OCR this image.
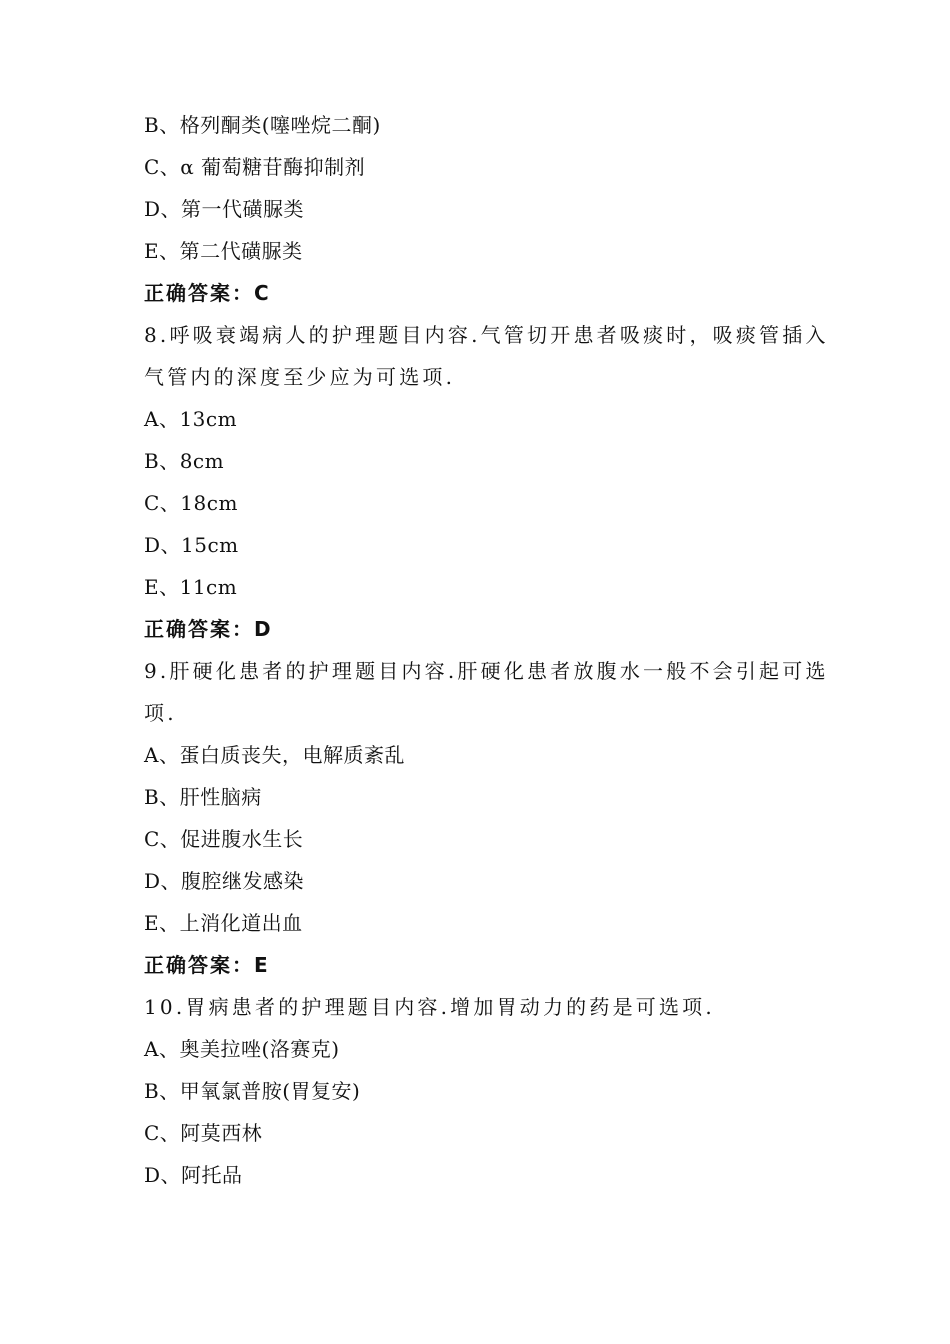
B、格列酮类(噻唑烷二酮)
C、α 葡萄糖苷酶抑制剂
D、第一代磺脲类
E、第二代磺脲类
正确答案：C
8.呼吸衰竭病人的护理题目内容.气管切开患者吸痰时，吸痰管插入
气管内的深度至少应为可选项.
A、13cm
B、8cm
C、18cm
D、15cm
E、11cm
正确答案：D
9.肝硬化患者的护理题目内容.肝硬化患者放腹水一般不会引起可选
项.
A、蛋白质丧失，电解质紊乱
B、肝性脑病
C、促进腹水生长
D、腹腔继发感染
E、上消化道出血
正确答案：E
10.胃病患者的护理题目内容.增加胃动力的药是可选项.
A、奥美拉唑(洛赛克)
B、甲氧氯普胺(胃复安)
C、阿莫西林
D、阿托品
